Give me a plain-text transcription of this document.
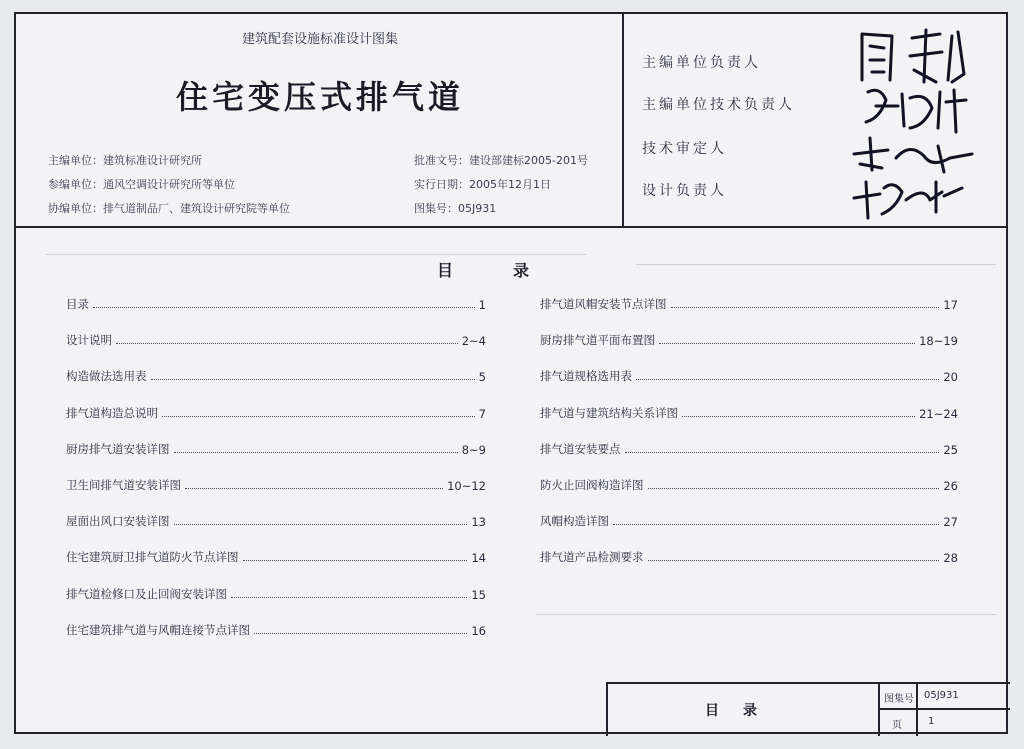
建筑配套设施标准设计图集
住宅变压式排气道
主编单位：建筑标准设计研究所
参编单位：通风空调设计研究所等单位
协编单位：排气道制品厂、建筑设计研究院等单位
批准文号：建设部建标2005-201号
实行日期：2005年12月1日
图集号：05J931
主编单位负责人
主编单位技术负责人
技术审定人
设计负责人
目录
目录	1
设计说明	2~4
构造做法选用表	5
排气道构造总说明	7
厨房排气道安装详图	8~9
卫生间排气道安装详图	10~12
屋面出风口安装详图	13
住宅建筑厨卫排气道防火节点详图	14
排气道检修口及止回阀安装详图	15
住宅建筑排气道与风帽连接节点详图	16
排气道风帽安装节点详图	17
厨房排气道平面布置图	18~19
排气道规格选用表	20
排气道与建筑结构关系详图	21~24
排气道安装要点	25
防火止回阀构造详图	26
风帽构造详图	27
排气道产品检测要求	28
目录
图集号 05J931
页	1
